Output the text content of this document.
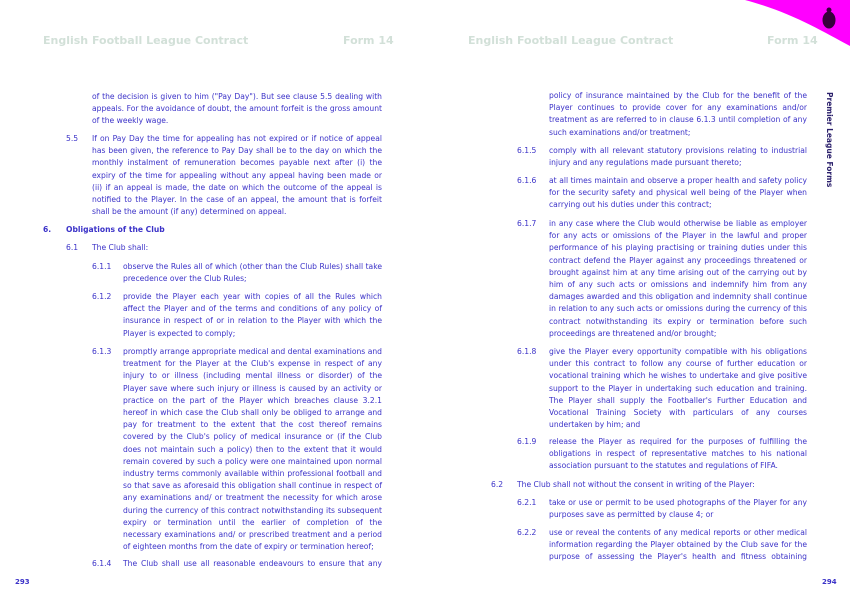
English Football League Contract	Form 14	English Football League Contract	Form 14
Premier League Forms
of the decision is given to him ("Pay Day"). But see clause 5.5 dealing with appeals. For the avoidance of doubt, the amount forfeit is the gross amount of the weekly wage.
5.5 If on Pay Day the time for appealing has not expired or if notice of appeal has been given, the reference to Pay Day shall be to the day on which the monthly instalment of remuneration becomes payable next after (i) the expiry of the time for appealing without any appeal having been made or (ii) if an appeal is made, the date on which the outcome of the appeal is notified to the Player. In the case of an appeal, the amount that is forfeit shall be the amount (if any) determined on appeal.
6. Obligations of the Club
6.1 The Club shall:
6.1.1 observe the Rules all of which (other than the Club Rules) shall take precedence over the Club Rules;
6.1.2 provide the Player each year with copies of all the Rules which affect the Player and of the terms and conditions of any policy of insurance in respect of or in relation to the Player with which the Player is expected to comply;
6.1.3 promptly arrange appropriate medical and dental examinations and treatment for the Player at the Club's expense in respect of any injury to or illness (including mental illness or disorder) of the Player save where such injury or illness is caused by an activity or practice on the part of the Player which breaches clause 3.2.1 hereof in which case the Club shall only be obliged to arrange and pay for treatment to the extent that the cost thereof remains covered by the Club's policy of medical insurance or (if the Club does not maintain such a policy) then to the extent that it would remain covered by such a policy were one maintained upon normal industry terms commonly available within professional football and so that save as aforesaid this obligation shall continue in respect of any examinations and/ or treatment the necessity for which arose during the currency of this contract notwithstanding its subsequent expiry or termination until the earlier of completion of the necessary examinations and/ or prescribed treatment and a period of eighteen months from the date of expiry or termination hereof;
6.1.4 The Club shall use all reasonable endeavours to ensure that any
293
policy of insurance maintained by the Club for the benefit of the Player continues to provide cover for any examinations and/or treatment as are referred to in clause 6.1.3 until completion of any such examinations and/or treatment;
6.1.5 comply with all relevant statutory provisions relating to industrial injury and any regulations made pursuant thereto;
6.1.6 at all times maintain and observe a proper health and safety policy for the security safety and physical well being of the Player when carrying out his duties under this contract;
6.1.7 in any case where the Club would otherwise be liable as employer for any acts or omissions of the Player in the lawful and proper performance of his playing practising or training duties under this contract defend the Player against any proceedings threatened or brought against him at any time arising out of the carrying out by him of any such acts or omissions and indemnify him from any damages awarded and this obligation and indemnity shall continue in relation to any such acts or omissions during the currency of this contract notwithstanding its expiry or termination before such proceedings are threatened and/or brought;
6.1.8 give the Player every opportunity compatible with his obligations under this contract to follow any course of further education or vocational training which he wishes to undertake and give positive support to the Player in undertaking such education and training. The Player shall supply the Footballer's Further Education and Vocational Training Society with particulars of any courses undertaken by him; and
6.1.9 release the Player as required for the purposes of fulfilling the obligations in respect of representative matches to his national association pursuant to the statutes and regulations of FIFA.
6.2 The Club shall not without the consent in writing of the Player:
6.2.1 take or use or permit to be used photographs of the Player for any purposes save as permitted by clause 4; or
6.2.2 use or reveal the contents of any medical reports or other medical information regarding the Player obtained by the Club save for the purpose of assessing the Player's health and fitness obtaining
294
